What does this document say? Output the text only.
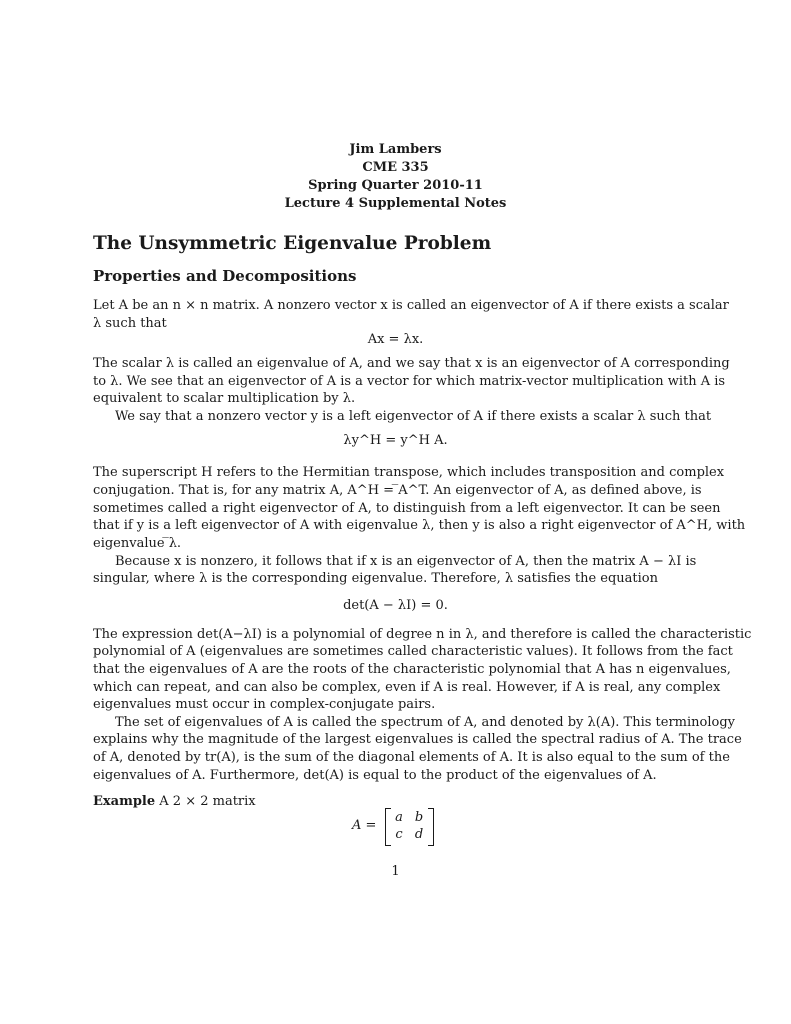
Jim Lambers
CME 335
Spring Quarter 2010-11
Lecture 4 Supplemental Notes
The Unsymmetric Eigenvalue Problem
Properties and Decompositions
Let A be an n × n matrix. A nonzero vector x is called an eigenvector of A if there exists a scalar
λ such that
The scalar λ is called an eigenvalue of A, and we say that x is an eigenvector of A corresponding
to λ. We see that an eigenvector of A is a vector for which matrix-vector multiplication with A is
equivalent to scalar multiplication by λ.
We say that a nonzero vector y is a left eigenvector of A if there exists a scalar λ such that
The superscript H refers to the Hermitian transpose, which includes transposition and complex
conjugation. That is, for any matrix A, A^H = ̅A^T. An eigenvector of A, as defined above, is
sometimes called a right eigenvector of A, to distinguish from a left eigenvector. It can be seen
that if y is a left eigenvector of A with eigenvalue λ, then y is also a right eigenvector of A^H, with
eigenvalue ̅λ.
Because x is nonzero, it follows that if x is an eigenvector of A, then the matrix A − λI is
singular, where λ is the corresponding eigenvalue. Therefore, λ satisfies the equation
The expression det(A−λI) is a polynomial of degree n in λ, and therefore is called the characteristic
polynomial of A (eigenvalues are sometimes called characteristic values). It follows from the fact
that the eigenvalues of A are the roots of the characteristic polynomial that A has n eigenvalues,
which can repeat, and can also be complex, even if A is real. However, if A is real, any complex
eigenvalues must occur in complex-conjugate pairs.
The set of eigenvalues of A is called the spectrum of A, and denoted by λ(A). This terminology
explains why the magnitude of the largest eigenvalues is called the spectral radius of A. The trace
of A, denoted by tr(A), is the sum of the diagonal elements of A. It is also equal to the sum of the
eigenvalues of A. Furthermore, det(A) is equal to the product of the eigenvalues of A.
Ax = λx.
λy^H = y^H A.
det(A − λI) = 0.
Example A 2 × 2 matrix
A =
a b
c d
1
